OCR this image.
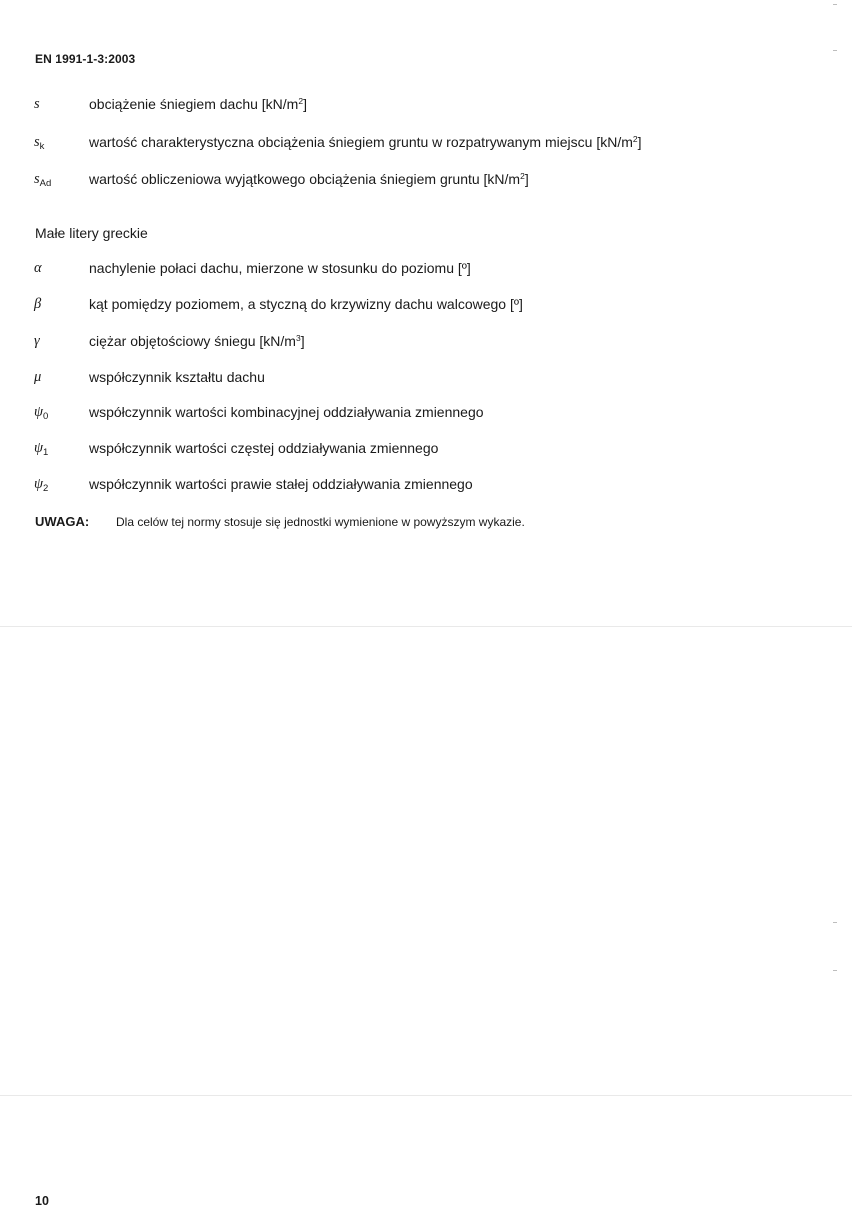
EN 1991-1-3:2003
s	obciążenie śniegiem dachu $[kN/m^2]$
$s_k$	wartość charakterystyczna obciążenia śniegiem gruntu w rozpatrywanym miejscu $[kN/m^2]$
$s_{Ad}$	wartość obliczeniowa wyjątkowego obciążenia śniegiem gruntu $[kN/m^2]$
Małe litery greckie
α	nachylenie połaci dachu, mierzone w stosunku do poziomu [º]
β	kąt pomiędzy poziomem, a styczną do krzywizny dachu walcowego [º]
γ	ciężar objętościowy śniegu $[kN/m^3]$
μ	współczynnik kształtu dachu
$\psi_0$	współczynnik wartości kombinacyjnej oddziaływania zmiennego
$\psi_1$	współczynnik wartości częstej oddziaływania zmiennego
$\psi_2$	współczynnik wartości prawie stałej oddziaływania zmiennego
UWAGA: Dla celów tej normy stosuje się jednostki wymienione w powyższym wykazie.
10
